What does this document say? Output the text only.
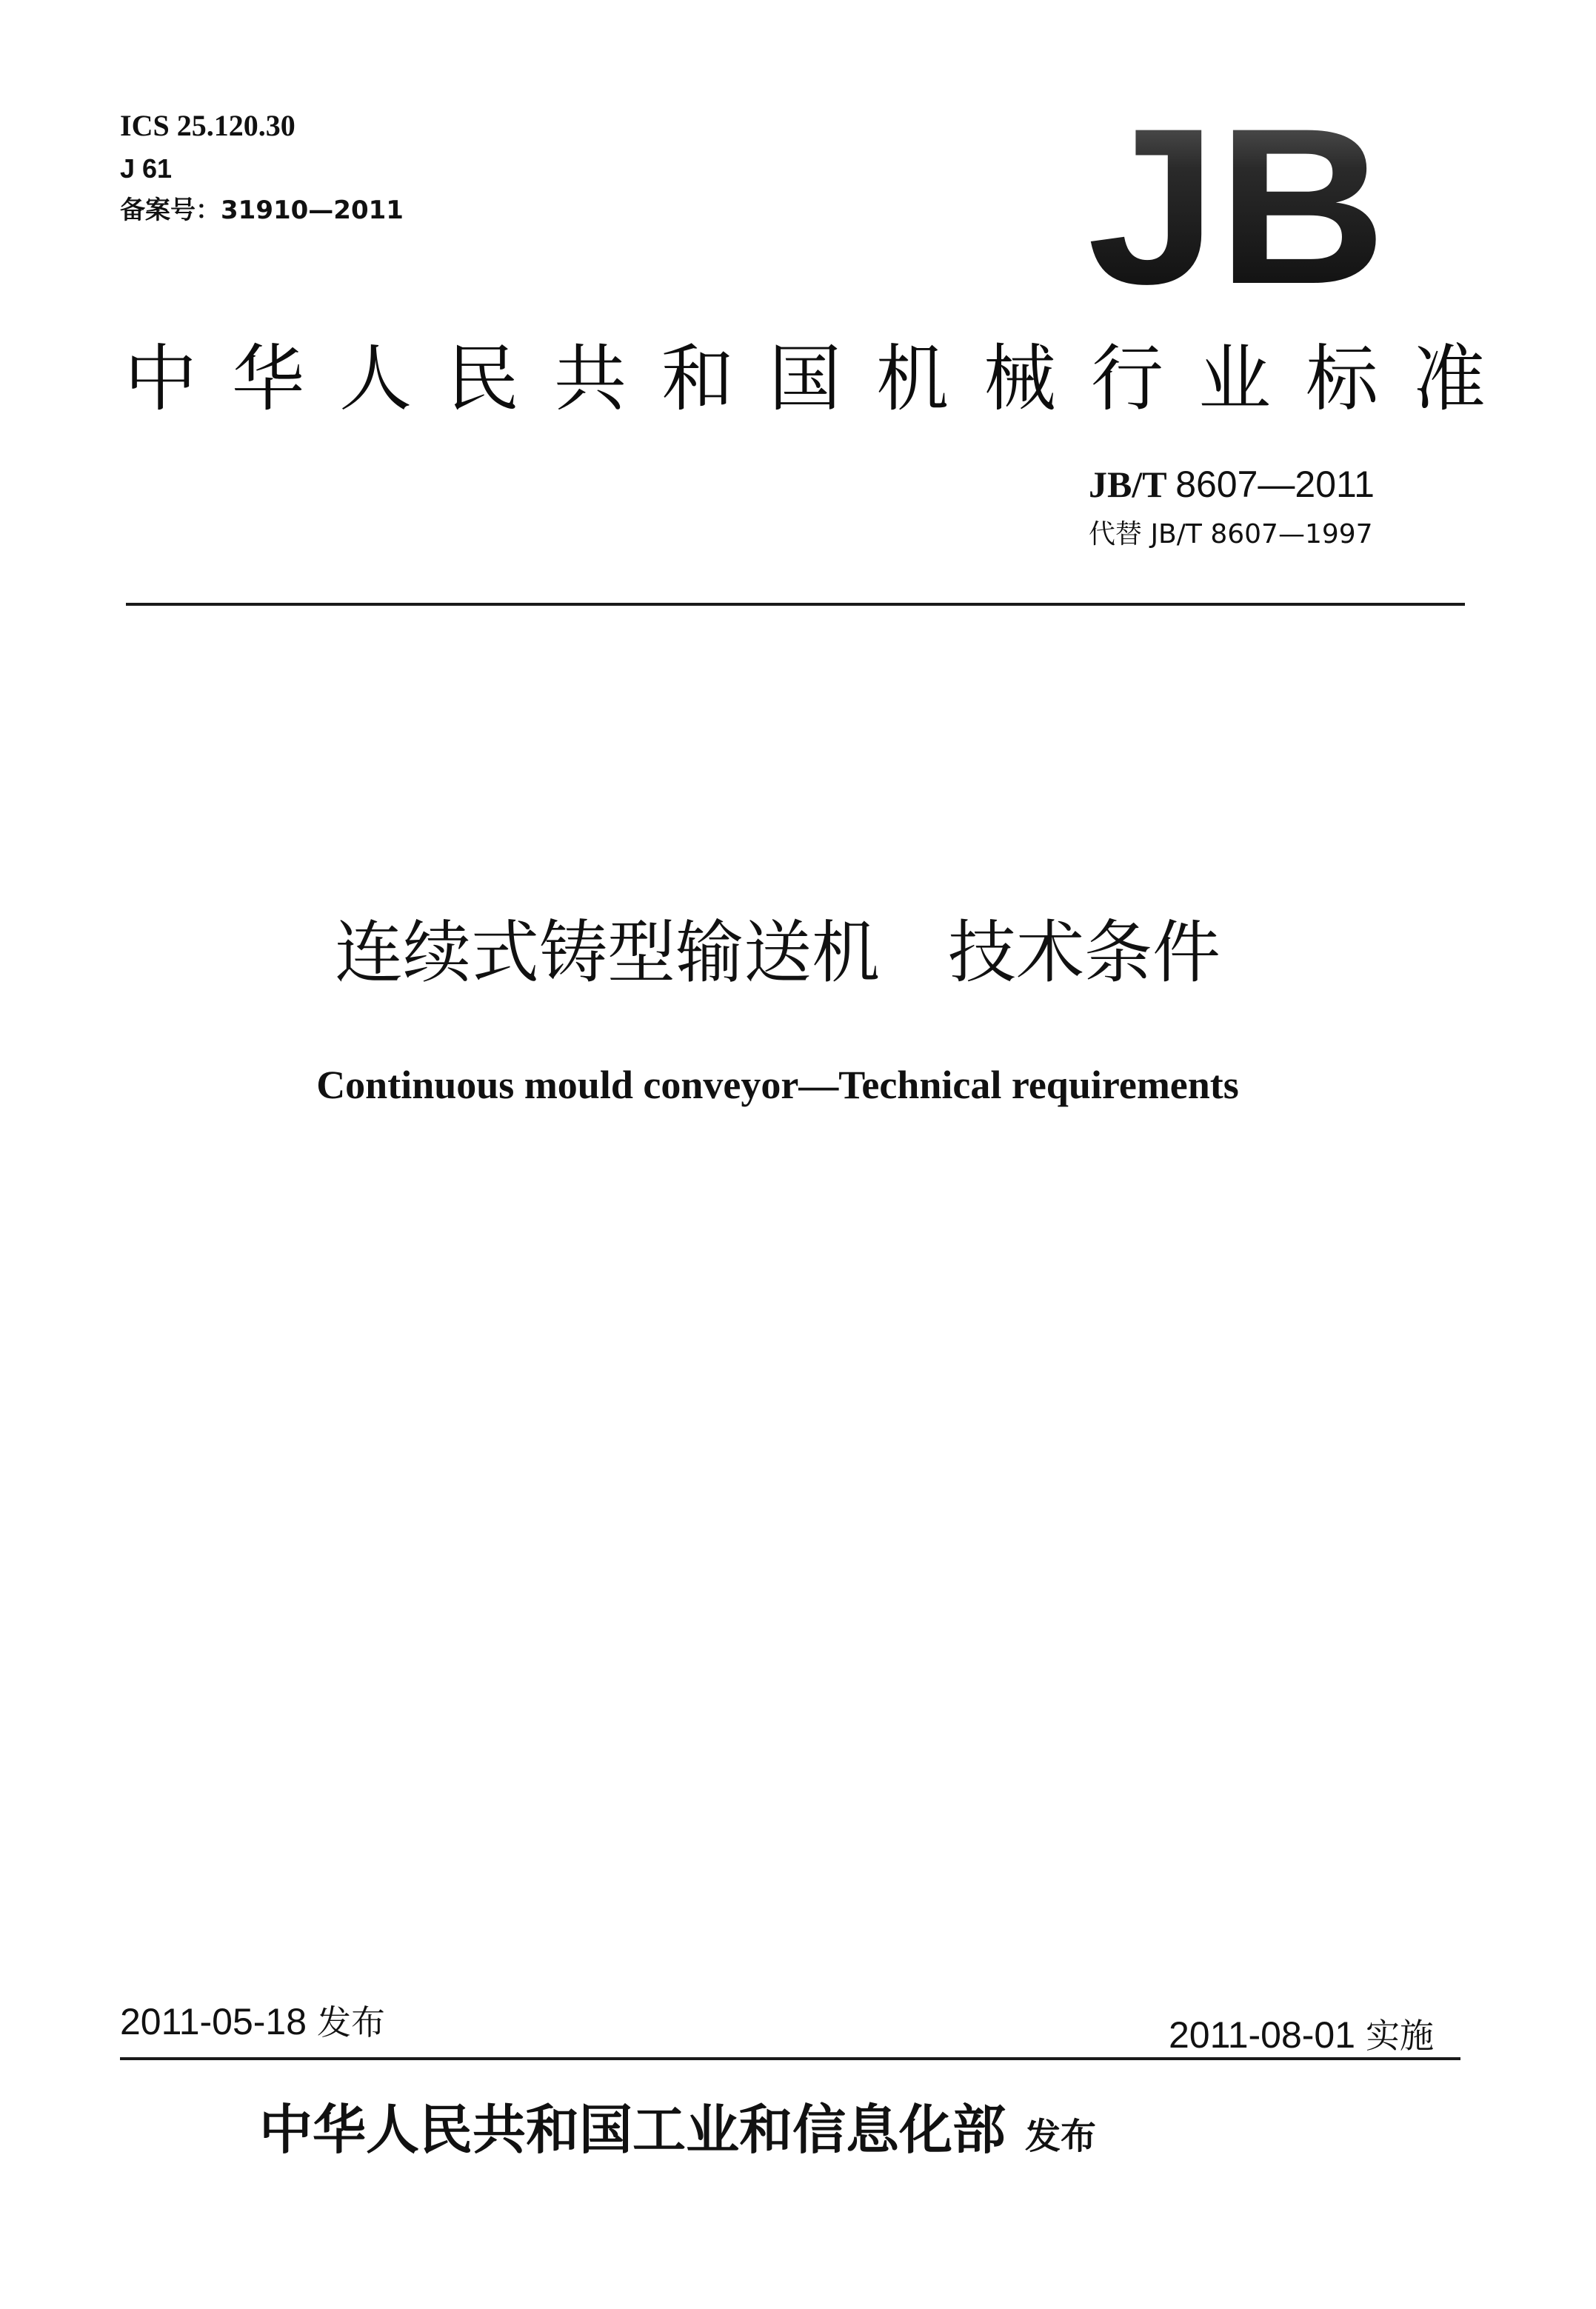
ICS 25.120.30
J 61
备案号：31910—2011	JB
中华人民共和国机械行业标准
JB/T 8607—2011
代替 JB/T 8607—1997
连续式铸型输送机　技术条件
Continuous mould conveyor—Technical requirements
2011-05-18 发布	2011-08-01 实施
中华人民共和国工业和信息化部 发布
